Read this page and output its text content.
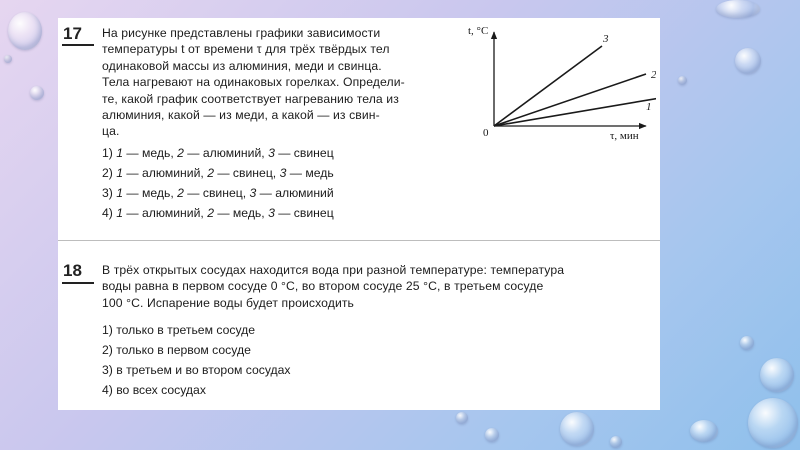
17 На рисунке представлены графики зависимости
температуры t от времени τ для трёх твёрдых тел
одинаковой массы из алюминия, меди и свинца.
Тела нагревают на одинаковых горелках. Определи-
те, какой график соответствует нагреванию тела из
алюминия, какой — из меди, а какой — из свин-
ца.
1) 1 — медь, 2 — алюминий, 3 — свинец
2) 1 — алюминий, 2 — свинец, 3 — медь
3) 1 — медь, 2 — свинец, 3 — алюминий
4) 1 — алюминий, 2 — медь, 3 — свинец
t, °C
τ, мин
0
3
2
1
18 В трёх открытых сосудах находится вода при разной температуре: температура
воды равна в первом сосуде 0 °С, во втором сосуде 25 °С, в третьем сосуде
100 °С. Испарение воды будет происходить
1) только в третьем сосуде
2) только в первом сосуде
3) в третьем и во втором сосудах
4) во всех сосудах
